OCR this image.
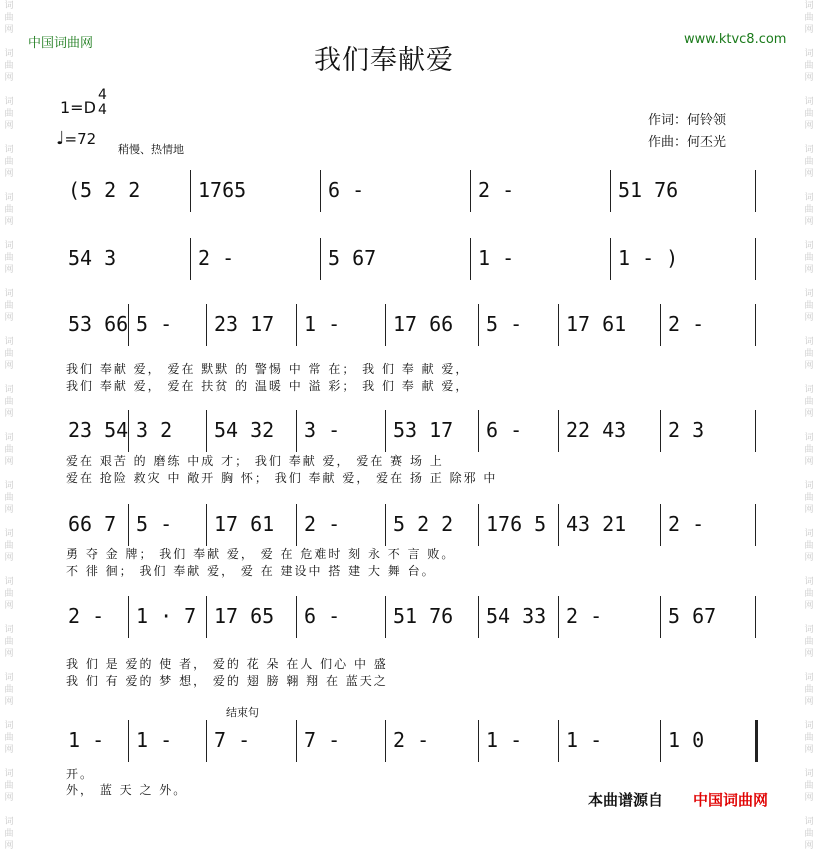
词
曲
网

词
曲
网

词
曲
网

词
曲
网

词
曲
网

词
曲
网

词
曲
网

词
曲
网

词
曲
网

词
曲
网

词
曲
网

词
曲
网

词
曲
网

词
曲
网

词
曲
网

词
曲
网

词
曲
网

词
曲
网

词
曲
网

词
曲
网

词
曲
网

词
曲
网

词
曲
网

词
曲
网

词
曲
网

词
曲
网

词
曲
网

词
曲
网

词
曲
网

词
曲
网

词
曲
网

词
曲
网

词
曲
网

词
曲
网

词
曲
网

词
曲
网

中国词曲网	www.ktvc8.com
我们奉献爱
1=D
4
4
♩=72
稍慢、热情地
作词：何铃领
作曲：何丕光
(5 2 2	1765	6 -	2 -	51 76
54 3	2 -	5 67	1 -	1 - )
53 66 5 - 23 17 1 -	17 66 5 - 17 61 2 -
我们 奉献 爱， 爱在 默默 的 警惕 中 常 在； 我 们 奉 献 爱，
我们 奉献 爱， 爱在 扶贫 的 温暖 中 溢 彩； 我 们 奉 献 爱，
23 54 3 2 54 32 3 -	53 17 6 - 22 43 2 3
爱在 艰苦 的 磨练 中成 才； 我们 奉献 爱， 爱在 赛 场 上
爱在 抢险 救灾 中 敞开 胸 怀； 我们 奉献 爱， 爱在 扬 正 除邪 中
66 7 5 - 17 61 2 -	5 2 2 176 5 43 21 2 -
勇 夺 金 牌； 我们 奉献 爱， 爱 在 危难时 刻 永 不 言 败。
不 徘 徊； 我们 奉献 爱， 爱 在 建设中 搭 建 大 舞 台。
2 - 1 · 7 17 65 6 -	51 76 54 33 2 -	5 67
我 们 是 爱的 使 者， 爱的 花 朵 在人 们心 中 盛
我 们 有 爱的 梦 想， 爱的 翅 膀 翱 翔 在 蓝天之
1 - 1 - 7 -	7 -	2 -	1 - 1 -	1 0
开。
外， 蓝 天 之 外。
结束句
本曲谱源自 中国词曲网
